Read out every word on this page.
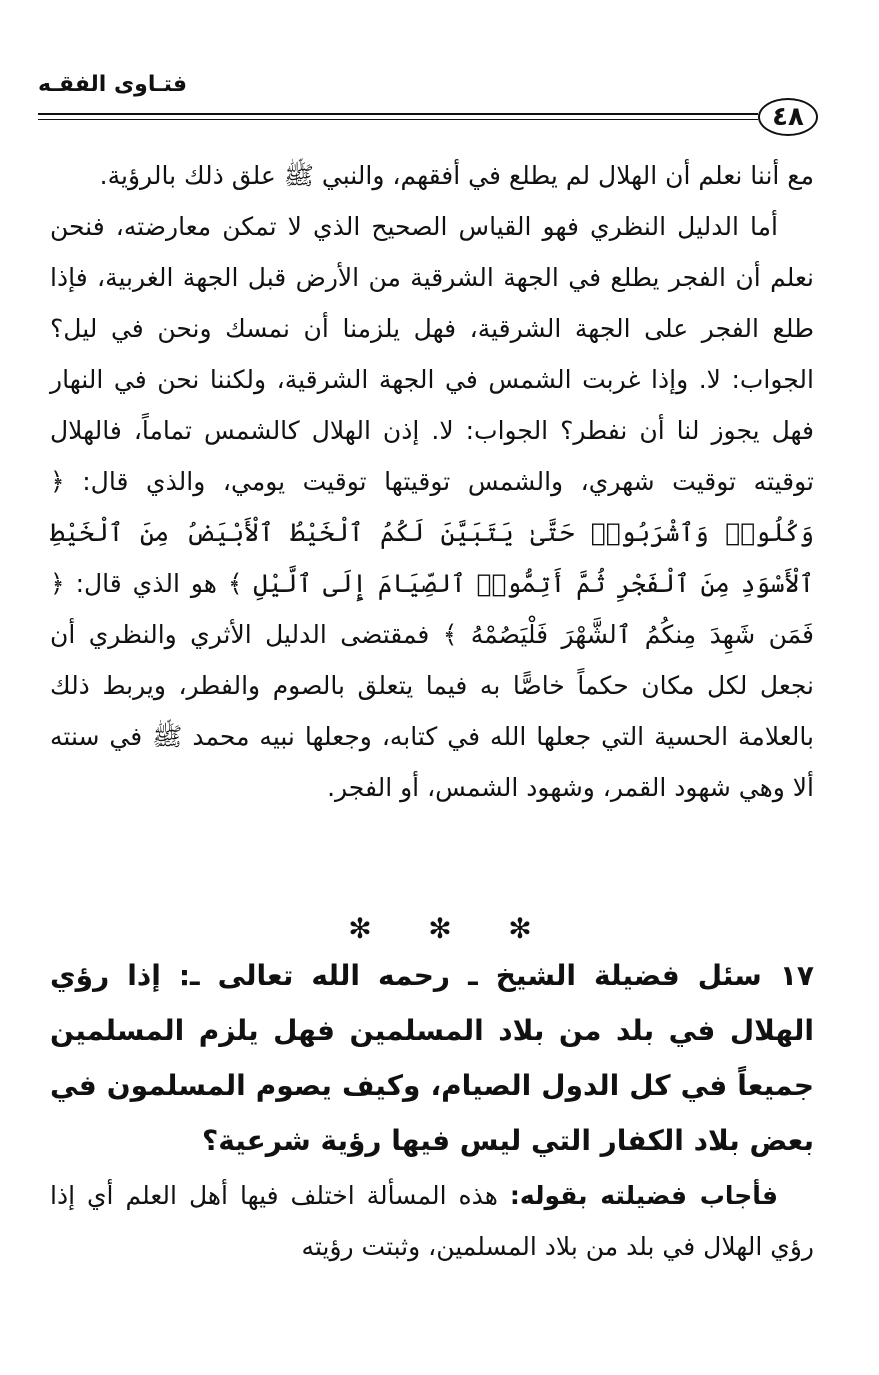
فتـاوى الفقـه
٤٨

مع أننا نعلم أن الهلال لم يطلع في أفقهم، والنبي ﷺ علق ذلك بالرؤية.

أما الدليل النظري فهو القياس الصحيح الذي لا تمكن معارضته، فنحن نعلم أن الفجر يطلع في الجهة الشرقية من الأرض قبل الجهة الغربية، فإذا طلع الفجر على الجهة الشرقية، فهل يلزمنا أن نمسك ونحن في ليل؟ الجواب: لا. وإذا غربت الشمس في الجهة الشرقية، ولكننا نحن في النهار فهل يجوز لنا أن نفطر؟ الجواب: لا. إذن الهلال كالشمس تماماً، فالهلال توقيته توقيت شهري، والشمس توقيتها توقيت يومي، والذي قال: ﴿ وَكُلُوا۟ وَٱشْرَبُوا۟ حَتَّىٰ يَتَبَيَّنَ لَكُمُ ٱلْخَيْطُ ٱلْأَبْيَضُ مِنَ ٱلْخَيْطِ ٱلْأَسْوَدِ مِنَ ٱلْفَجْرِ ثُمَّ أَتِمُّوا۟ ٱلصِّيَامَ إِلَى ٱلَّيْلِ ﴾ هو الذي قال: ﴿ فَمَن شَهِدَ مِنكُمُ ٱلشَّهْرَ فَلْيَصُمْهُ ﴾ فمقتضى الدليل الأثري والنظري أن نجعل لكل مكان حكماً خاصًّا به فيما يتعلق بالصوم والفطر، ويربط ذلك بالعلامة الحسية التي جعلها الله في كتابه، وجعلها نبيه محمد ﷺ في سنته ألا وهي شهود القمر، وشهود الشمس، أو الفجر.

✻
✻
✻
١٧ سئل فضيلة الشيخ ـ رحمه الله تعالى ـ: إذا رؤي الهلال في بلد من بلاد المسلمين فهل يلزم المسلمين جميعاً في كل الدول الصيام، وكيف يصوم المسلمون في بعض بلاد الكفار التي ليس فيها رؤية شرعية؟

فأجاب فضيلته بقوله: هذه المسألة اختلف فيها أهل العلم أي إذا رؤي الهلال في بلد من بلاد المسلمين، وثبتت رؤيته
